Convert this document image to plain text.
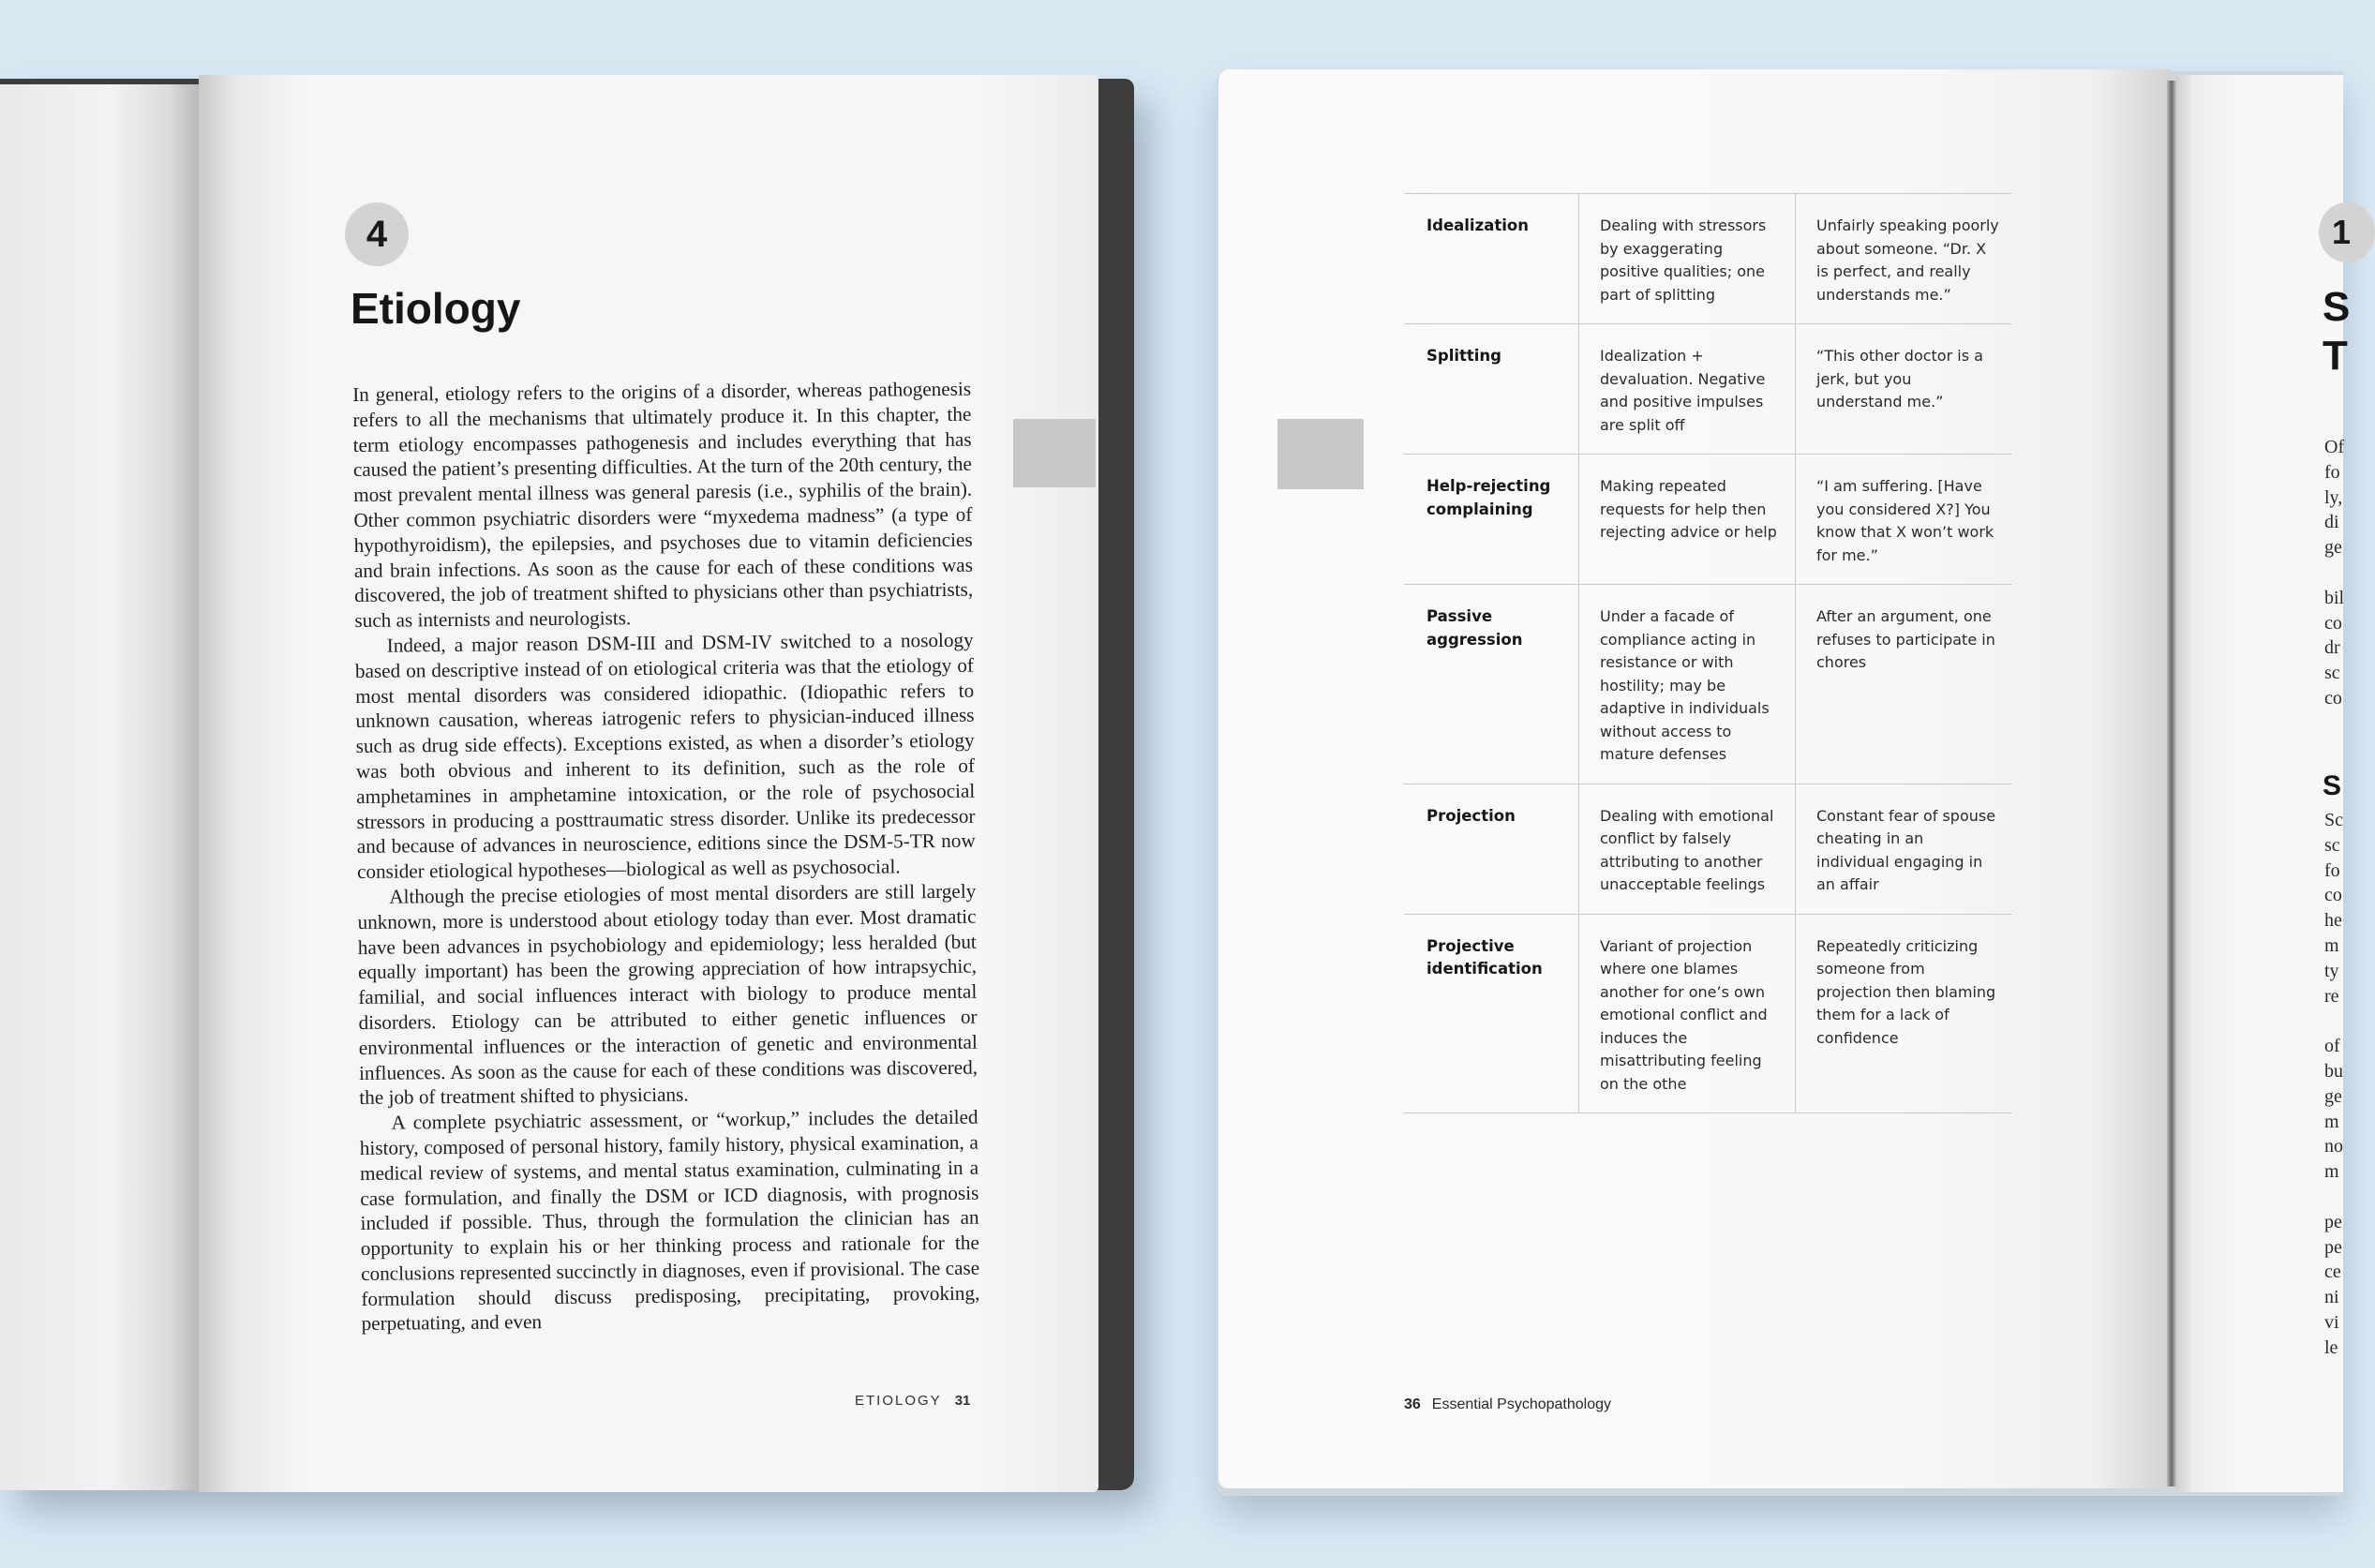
4
Etiology

In general, etiology refers to the origins of a disorder, whereas pathogenesis refers to all the mechanisms that ultimately produce it. In this chapter, the term etiology encompasses pathogenesis and includes everything that has caused the patient’s presenting difficulties. At the turn of the 20th century, the most prevalent mental illness was general paresis (i.e., syphilis of the brain). Other common psychiatric disorders were “myxedema madness” (a type of hypothyroidism), the epilepsies, and psychoses due to vitamin deficiencies and brain infections. As soon as the cause for each of these conditions was discovered, the job of treatment shifted to physicians other than psychiatrists, such as internists and neurologists.

Indeed, a major reason DSM-III and DSM-IV switched to a nosology based on descriptive instead of on etiological criteria was that the etiology of most mental disorders was considered idiopathic. (Idiopathic refers to unknown causation, whereas iatrogenic refers to physician-induced illness such as drug side effects). Exceptions existed, as when a disorder’s etiology was both obvious and inherent to its definition, such as the role of amphetamines in amphetamine intoxication, or the role of psychosocial stressors in producing a posttraumatic stress disorder. Unlike its predecessor and because of advances in neuroscience, editions since the DSM-5-TR now consider etiological hypotheses—biological as well as psychosocial.

Although the precise etiologies of most mental disorders are still largely unknown, more is understood about etiology today than ever. Most dramatic have been advances in psychobiology and epidemiology; less heralded (but equally important) has been the growing appreciation of how intrapsychic, familial, and social influences interact with biology to produce mental disorders. Etiology can be attributed to either genetic influences or environmental influences or the interaction of genetic and environmental influences. As soon as the cause for each of these conditions was discovered, the job of treatment shifted to physicians.

A complete psychiatric assessment, or “workup,” includes the detailed history, composed of personal history, family history, physical examination, a medical review of systems, and mental status examination, culminating in a case formulation, and finally the DSM or ICD diagnosis, with prognosis included if possible. Thus, through the formulation the clinician has an opportunity to explain his or her thinking process and rationale for the conclusions represented succinctly in diagnoses, even if provisional. The case formulation should discuss predisposing, precipitating, provoking, perpetuating, and even

ETIOLOGY 31
Idealization	Dealing with stressors by exaggerating positive qualities; one part of splitting	Unfairly speaking poorly about someone. “Dr. X is perfect, and really understands me.”
Splitting	Idealization + devaluation. Negative and positive impulses are split off	“This other doctor is a jerk, but you understand me.”
Help-rejecting complaining	Making repeated requests for help then rejecting advice or help	“I am suffering. [Have you considered X?] You know that X won’t work for me.”
Passive aggression	Under a facade of compliance acting in resistance or with hostility; may be adaptive in individuals without access to mature defenses	After an argument, one refuses to participate in chores
Projection	Dealing with emotional conflict by falsely attributing to another unacceptable feelings	Constant fear of spouse cheating in an individual engaging in an affair
Projective identification	Variant of projection where one blames another for one’s own emotional conflict and induces the misattributing feeling on the othe	Repeatedly criticizing someone from projection then blaming them for a lack of confidence
36 Essential Psychopathology
1
S
T
S
Of
fo
ly,
di
ge
bil
co
dr
sc
co
Sc
sc
fo
co
he
m
ty
re
of
bu
ge
m
no
m
pe
pe
ce
ni
vi
le
